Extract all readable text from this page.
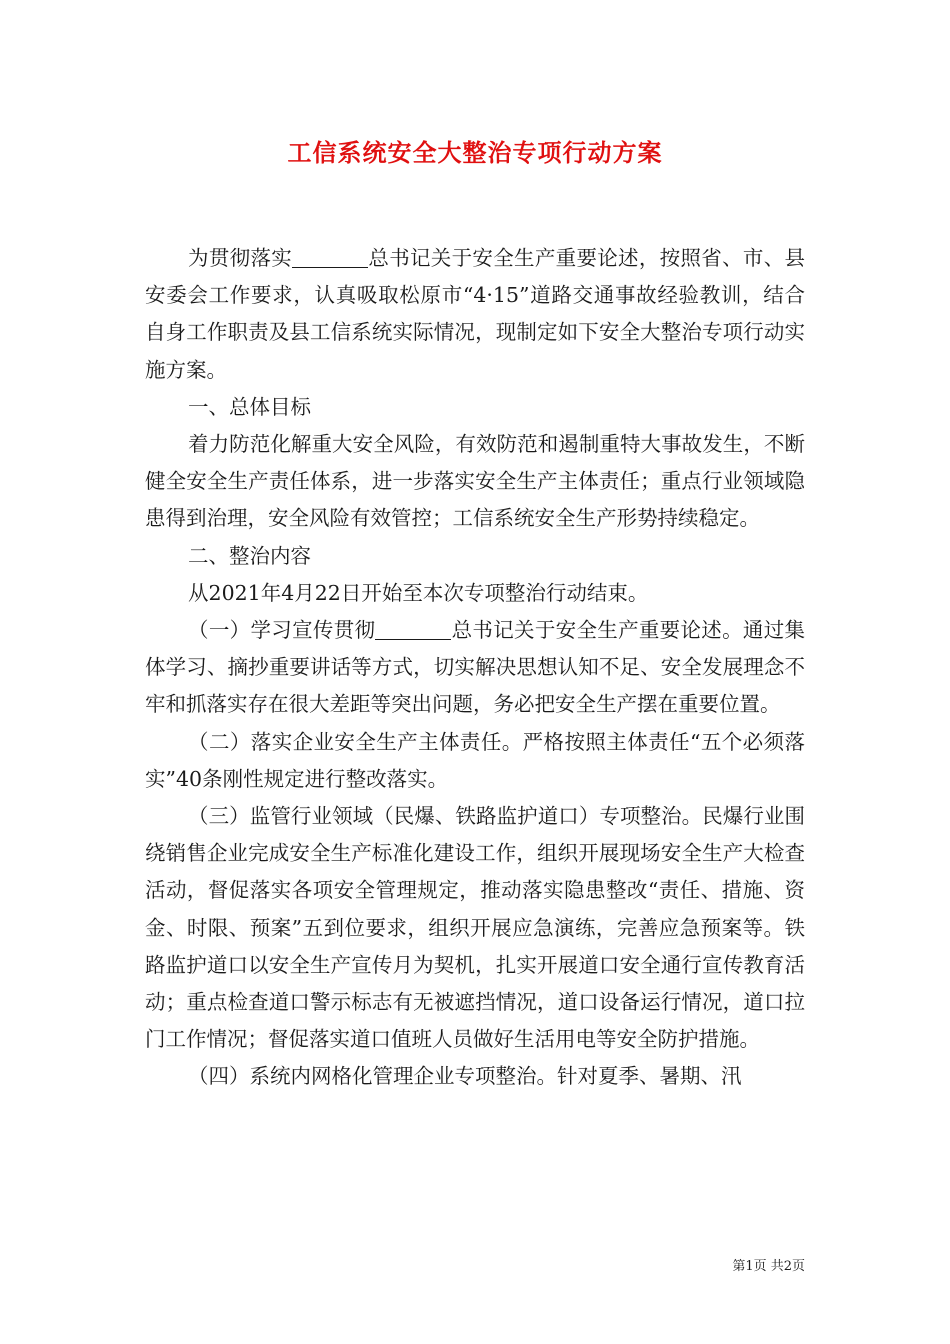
工信系统安全大整治专项行动方案

为贯彻落实	总书记关于安全生产重要论述，按照省、市、县安委会工作要求，认真吸取松原市“4·15”道路交通事故经验教训，结合自身工作职责及县工信系统实际情况，现制定如下安全大整治专项行动实施方案。

一、总体目标

着力防范化解重大安全风险，有效防范和遏制重特大事故发生，不断健全安全生产责任体系，进一步落实安全生产主体责任；重点行业领域隐患得到治理，安全风险有效管控；工信系统安全生产形势持续稳定。

二、整治内容

从2021年4月22日开始至本次专项整治行动结束。

（一）学习宣传贯彻	总书记关于安全生产重要论述。通过集体学习、摘抄重要讲话等方式，切实解决思想认知不足、安全发展理念不牢和抓落实存在很大差距等突出问题，务必把安全生产摆在重要位置。

（二）落实企业安全生产主体责任。严格按照主体责任“五个必须落实”40条刚性规定进行整改落实。

（三）监管行业领域（民爆、铁路监护道口）专项整治。民爆行业围绕销售企业完成安全生产标准化建设工作，组织开展现场安全生产大检查活动，督促落实各项安全管理规定，推动落实隐患整改“责任、措施、资金、时限、预案”五到位要求，组织开展应急演练，完善应急预案等。铁路监护道口以安全生产宣传月为契机，扎实开展道口安全通行宣传教育活动；重点检查道口警示标志有无被遮挡情况，道口设备运行情况，道口拉门工作情况；督促落实道口值班人员做好生活用电等安全防护措施。

（四）系统内网格化管理企业专项整治。针对夏季、暑期、汛

第1页 共2页
